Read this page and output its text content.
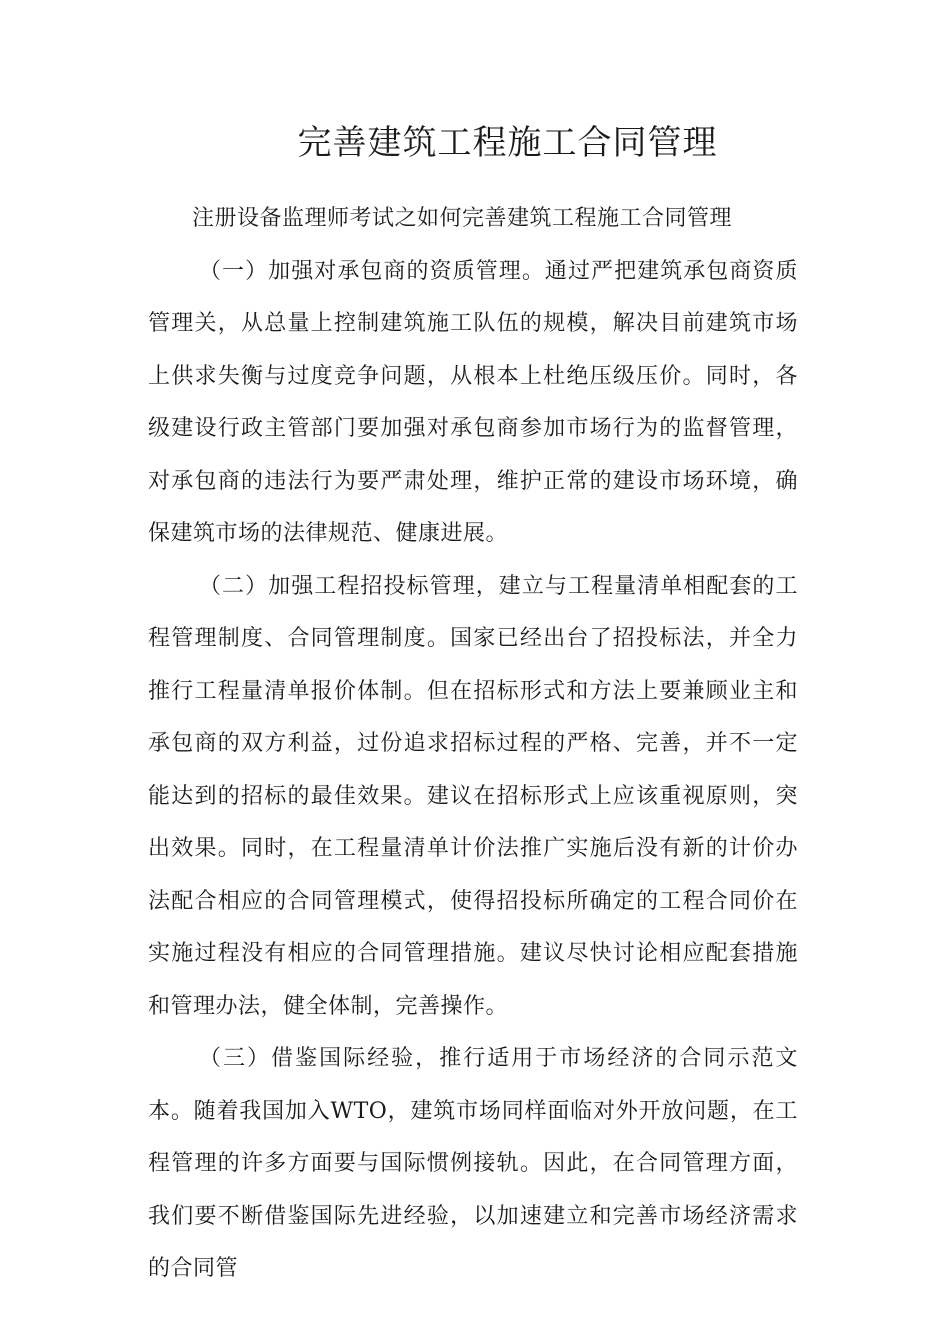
完善建筑工程施工合同管理

注册设备监理师考试之如何完善建筑工程施工合同管理

（一）加强对承包商的资质管理。通过严把建筑承包商资质管理关，从总量上控制建筑施工队伍的规模，解决目前建筑市场上供求失衡与过度竞争问题，从根本上杜绝压级压价。同时，各级建设行政主管部门要加强对承包商参加市场行为的监督管理，对承包商的违法行为要严肃处理，维护正常的建设市场环境，确保建筑市场的法律规范、健康进展。

（二）加强工程招投标管理，建立与工程量清单相配套的工程管理制度、合同管理制度。国家已经出台了招投标法，并全力推行工程量清单报价体制。但在招标形式和方法上要兼顾业主和承包商的双方利益，过份追求招标过程的严格、完善，并不一定能达到的招标的最佳效果。建议在招标形式上应该重视原则，突出效果。同时，在工程量清单计价法推广实施后没有新的计价办法配合相应的合同管理模式，使得招投标所确定的工程合同价在实施过程没有相应的合同管理措施。建议尽快讨论相应配套措施和管理办法，健全体制，完善操作。

（三）借鉴国际经验，推行适用于市场经济的合同示范文本。随着我国加入WTO，建筑市场同样面临对外开放问题，在工程管理的许多方面要与国际惯例接轨。因此，在合同管理方面，我们要不断借鉴国际先进经验，以加速建立和完善市场经济需求的合同管
